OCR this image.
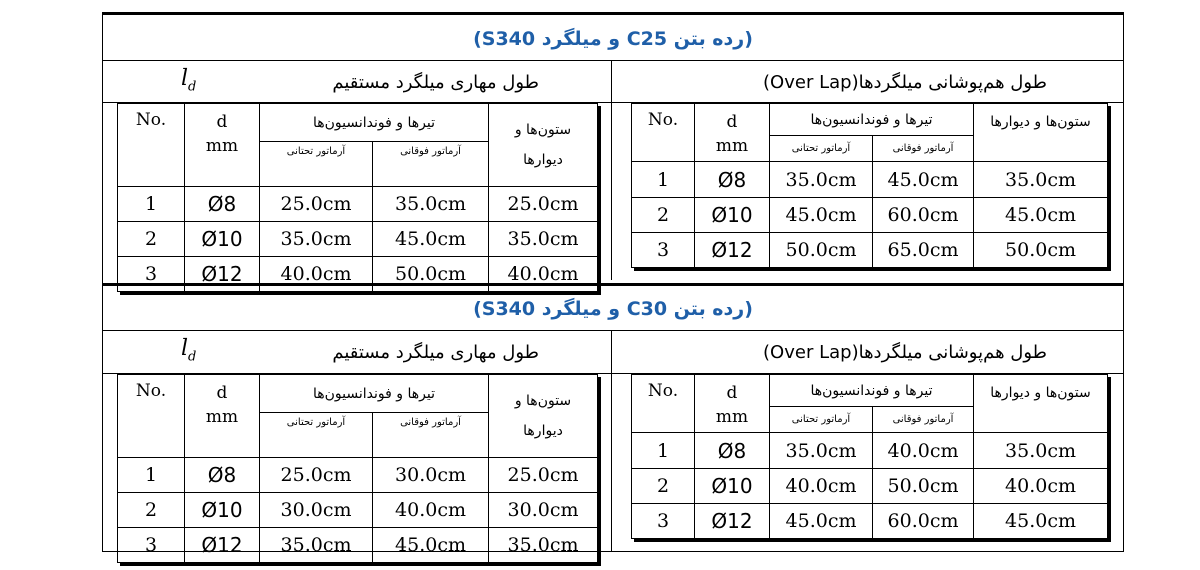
(رده بتن C25 و میلگرد S340)
$l_d$	طول مهاری میلگرد مستقیم	طول هم‌پوشانی میلگردها(Over Lap)
No.	d
mm	تیرها و فوندانسیون‌ها		ستون‌ها و
دیوارها
		آرماتور تحتانی	آرماتور فوقانی	
1	Ø8	25.0cm	35.0cm	25.0cm
2	Ø10	35.0cm	45.0cm	35.0cm
3	Ø12	40.0cm	50.0cm	40.0cm
No.	d
mm	تیرها و فوندانسیون‌ها		ستون‌ها و دیوارها
		آرماتور تحتانی	آرماتور فوقانی	
1	Ø8	35.0cm	45.0cm	35.0cm
2	Ø10	45.0cm	60.0cm	45.0cm
3	Ø12	50.0cm	65.0cm	50.0cm
(رده بتن C30 و میلگرد S340)
$l_d$	طول مهاری میلگرد مستقیم	طول هم‌پوشانی میلگردها(Over Lap)
No.	d
mm	تیرها و فوندانسیون‌ها		ستون‌ها و
دیوارها
		آرماتور تحتانی	آرماتور فوقانی	
1	Ø8	25.0cm	30.0cm	25.0cm
2	Ø10	30.0cm	40.0cm	30.0cm
3	Ø12	35.0cm	45.0cm	35.0cm
No.	d
mm	تیرها و فوندانسیون‌ها		ستون‌ها و دیوارها
		آرماتور تحتانی	آرماتور فوقانی	
1	Ø8	35.0cm	40.0cm	35.0cm
2	Ø10	40.0cm	50.0cm	40.0cm
3	Ø12	45.0cm	60.0cm	45.0cm
